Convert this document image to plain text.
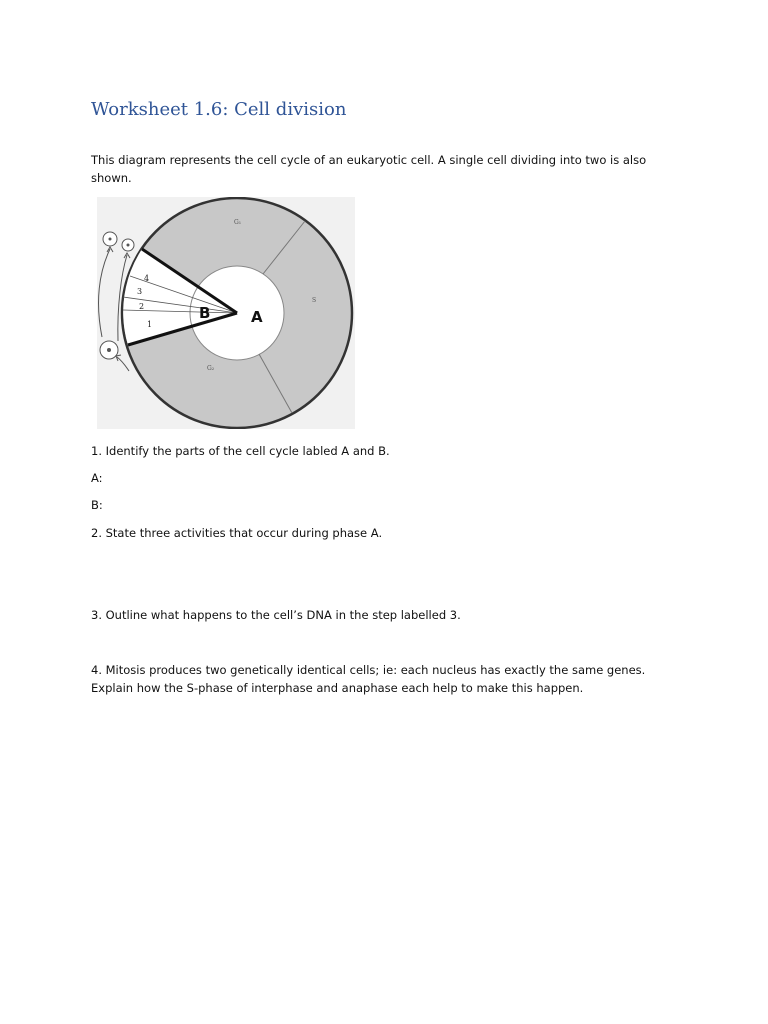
Worksheet 1.6: Cell division

This diagram represents the cell cycle of an eukaryotic cell. A single cell dividing into two is also shown.

1
2
3
4
G₁
S
G₂
B	A

1. Identify the parts of the cell cycle labled A and B.

A:

B:

2. State three activities that occur during phase A.

3. Outline what happens to the cell’s DNA in the step labelled 3.

4. Mitosis produces two genetically identical cells; ie: each nucleus has exactly the same genes. Explain how the S-phase of interphase and anaphase each help to make this happen.
